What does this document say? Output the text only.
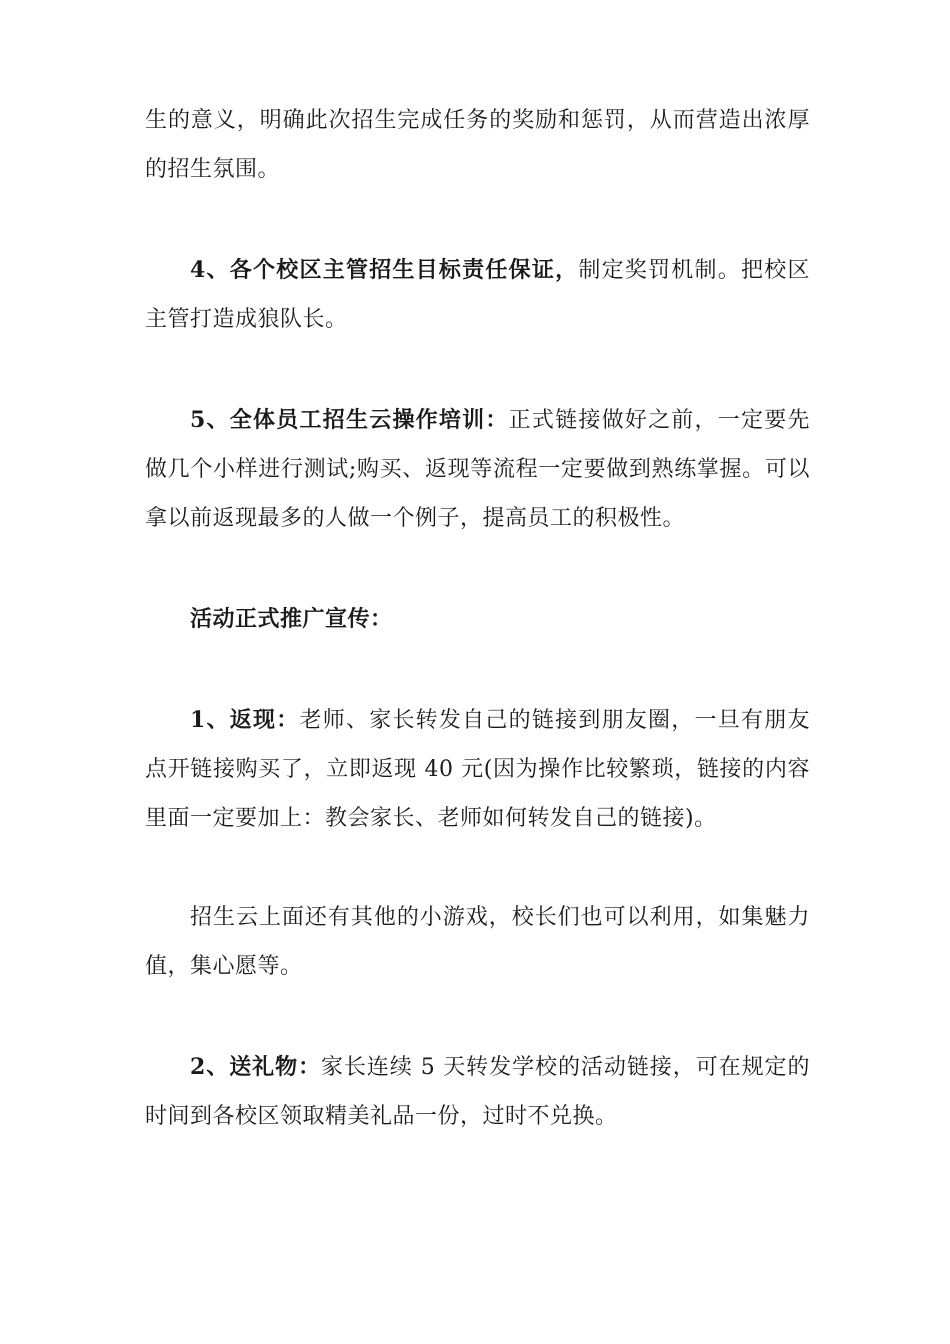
生的意义，明确此次招生完成任务的奖励和惩罚，从而营造出浓厚的招生氛围。

4、各个校区主管招生目标责任保证，制定奖罚机制。把校区主管打造成狼队长。

5、全体员工招生云操作培训：正式链接做好之前，一定要先做几个小样进行测试;购买、返现等流程一定要做到熟练掌握。可以拿以前返现最多的人做一个例子，提高员工的积极性。

活动正式推广宣传：

1、返现：老师、家长转发自己的链接到朋友圈，一旦有朋友点开链接购买了，立即返现 40 元(因为操作比较繁琐，链接的内容里面一定要加上：教会家长、老师如何转发自己的链接)。

招生云上面还有其他的小游戏，校长们也可以利用，如集魅力值，集心愿等。

2、送礼物：家长连续 5 天转发学校的活动链接，可在规定的时间到各校区领取精美礼品一份，过时不兑换。
